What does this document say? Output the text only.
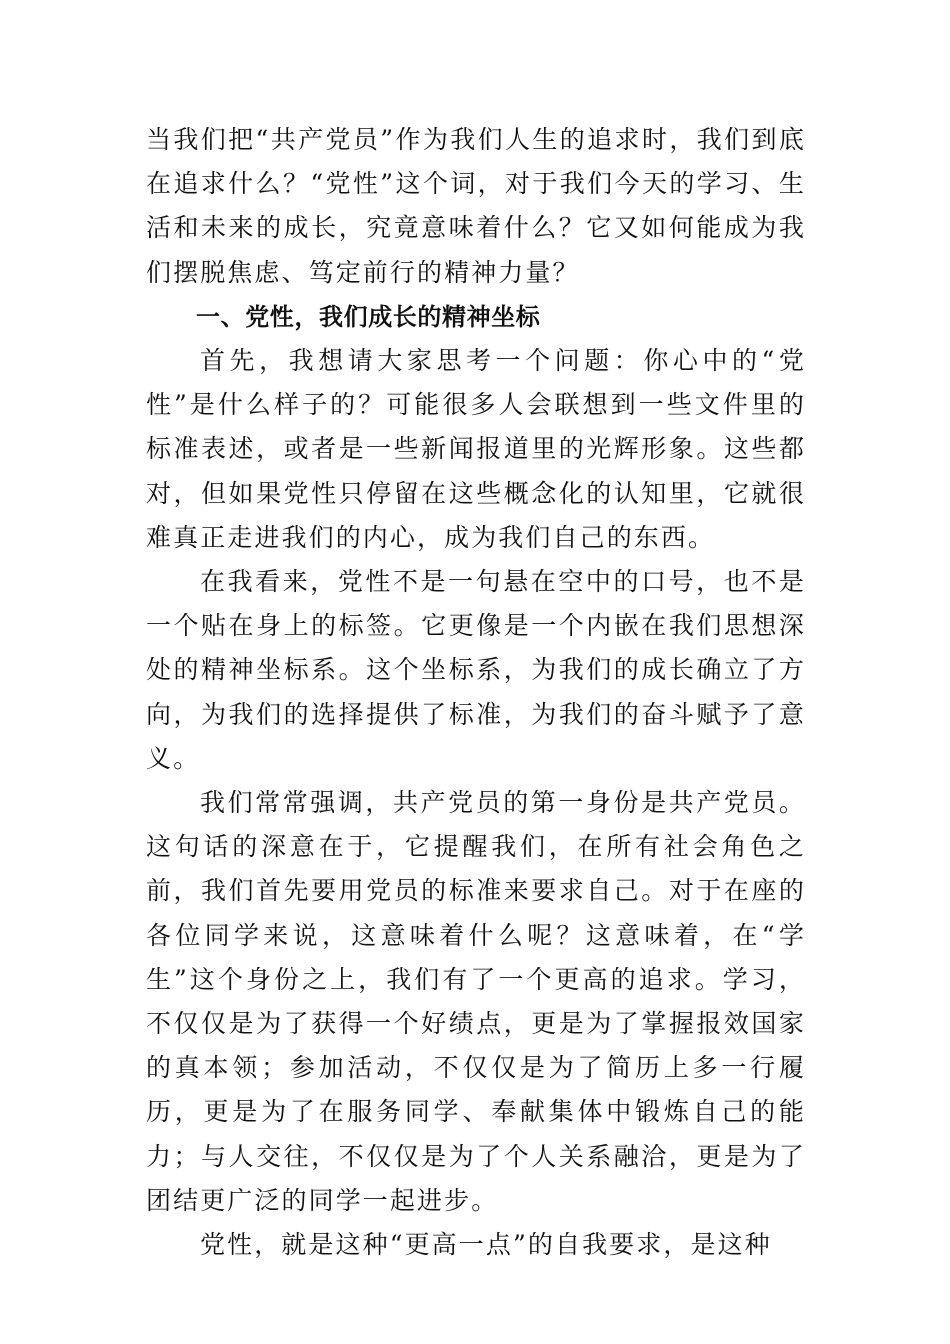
当我们把“共产党员”作为我们人生的追求时，我们到底在追求什么？“党性”这个词，对于我们今天的学习、生活和未来的成长，究竟意味着什么？它又如何能成为我们摆脱焦虑、笃定前行的精神力量？

一、党性，我们成长的精神坐标

首先，我想请大家思考一个问题：你心中的“党性”是什么样子的？可能很多人会联想到一些文件里的标准表述，或者是一些新闻报道里的光辉形象。这些都对，但如果党性只停留在这些概念化的认知里，它就很难真正走进我们的内心，成为我们自己的东西。

在我看来，党性不是一句悬在空中的口号，也不是一个贴在身上的标签。它更像是一个内嵌在我们思想深处的精神坐标系。这个坐标系，为我们的成长确立了方向，为我们的选择提供了标准，为我们的奋斗赋予了意义。

我们常常强调，共产党员的第一身份是共产党员。这句话的深意在于，它提醒我们，在所有社会角色之前，我们首先要用党员的标准来要求自己。对于在座的各位同学来说，这意味着什么呢？这意味着，在“学生”这个身份之上，我们有了一个更高的追求。学习，不仅仅是为了获得一个好绩点，更是为了掌握报效国家的真本领；参加活动，不仅仅是为了简历上多一行履历，更是为了在服务同学、奉献集体中锻炼自己的能力；与人交往，不仅仅是为了个人关系融洽，更是为了团结更广泛的同学一起进步。

党性，就是这种“更高一点”的自我要求，是这种
